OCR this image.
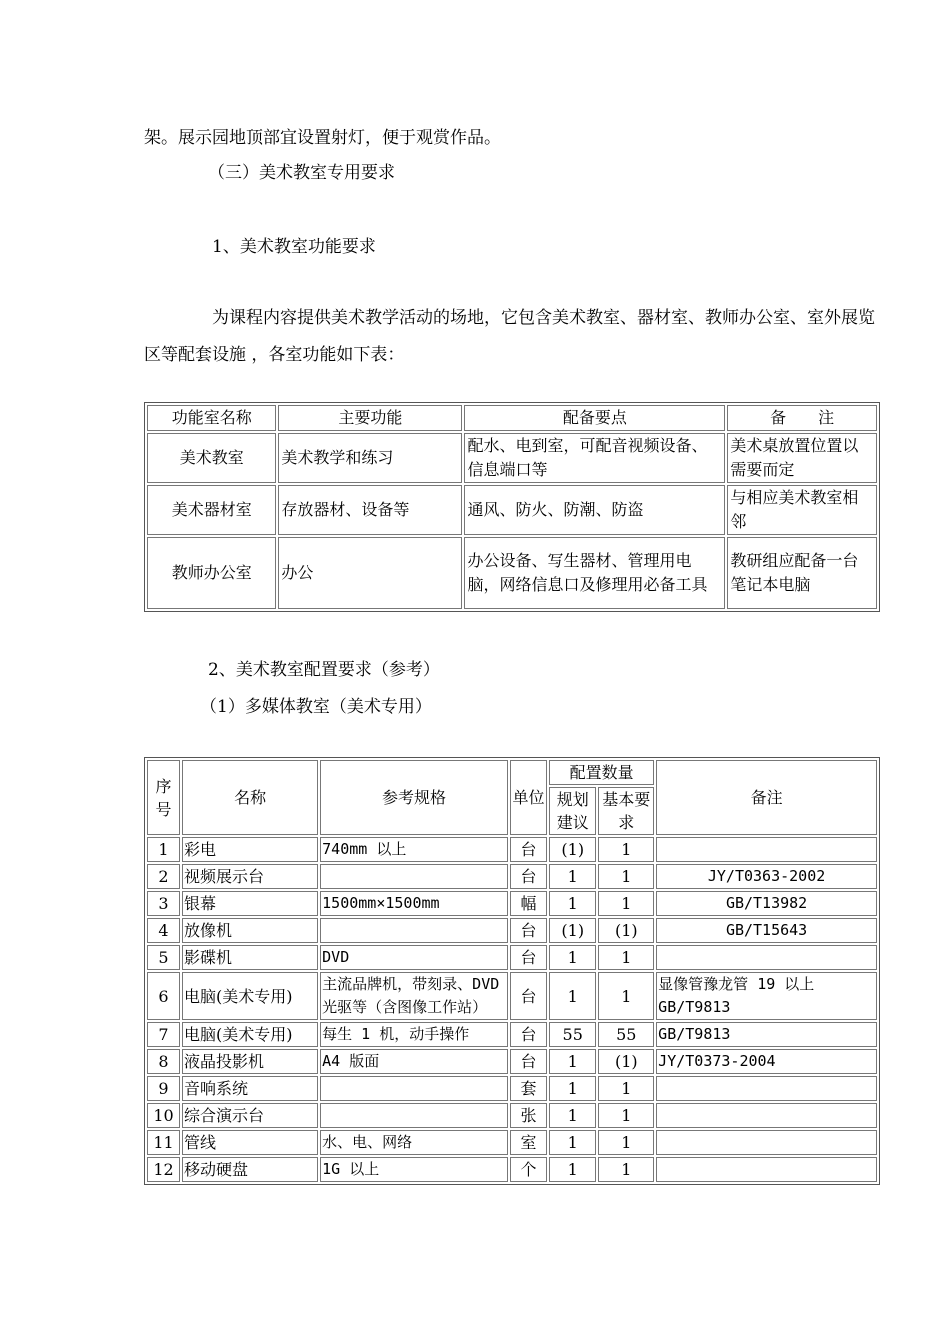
架。展示园地顶部宜设置射灯，便于观赏作品。
（三）美术教室专用要求
1、美术教室功能要求
为课程内容提供美术教学活动的场地，它包含美术教室、器材室、教师办公室、室外展览
区等配套设施 ，各室功能如下表：
功能室名称	主要功能	配备要点	备　　注
美术教室	美术教学和练习	配水、电到室，可配音视频设备、信息端口等	美术桌放置位置以需要而定
美术器材室	存放器材、设备等	通风、防火、防潮、防盗	与相应美术教室相邻
教师办公室	办公	办公设备、写生器材、管理用电脑，网络信息口及修理用必备工具	教研组应配备一台笔记本电脑
2、美术教室配置要求（参考）
（1）多媒体教室（美术专用）
序号	名称	参考规格	单位	配置数量		备注
				规划建议	基本要求	
1	彩电	740mm 以上	台	(1)	1	
2	视频展示台		台	1	1	JY/T0363-2002
3	银幕	1500mm×1500mm	幅	1	1	GB/T13982
4	放像机		台	(1)	(1)	GB/T15643
5	影碟机	DVD	台	1	1	
6	电脑(美术专用)	主流品牌机，带刻录、DVD 光驱等（含图像工作站）	台	1	1	显像管豫龙管 19 以上 GB/T9813
7	电脑(美术专用)	每生 1 机，动手操作	台	55	55	GB/T9813
8	液晶投影机	A4 版面	台	1	(1)	JY/T0373-2004
9	音响系统		套	1	1	
10	综合演示台		张	1	1	
11	管线	水、电、网络	室	1	1	
12	移动硬盘	1G 以上	个	1	1	
